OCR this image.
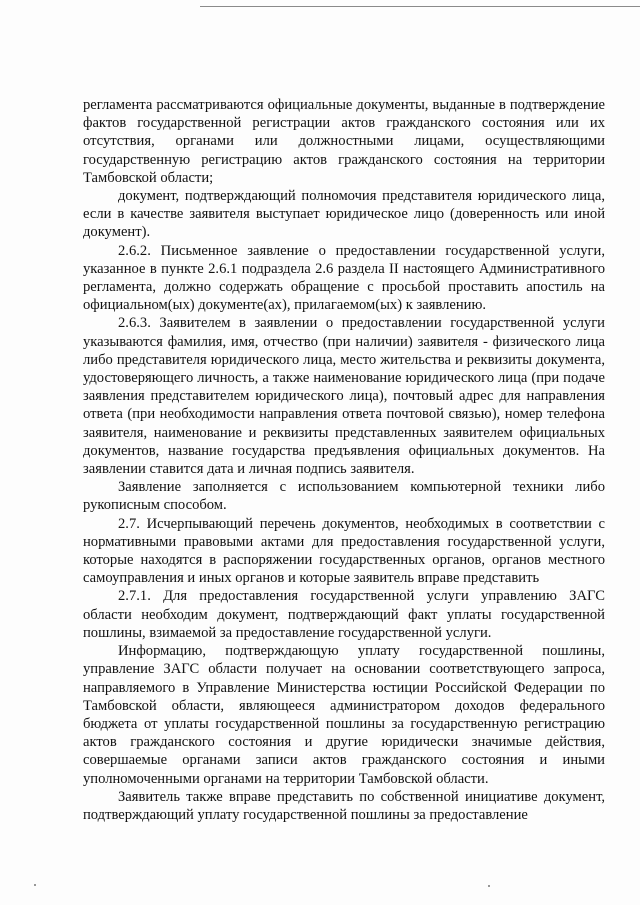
регламента рассматриваются официальные документы, выданные в подтверждение фактов государственной регистрации актов гражданского состояния или их отсутствия, органами или должностными лицами, осуществляющими государственную регистрацию актов гражданского состояния на территории Тамбовской области;

документ, подтверждающий полномочия представителя юридического лица, если в качестве заявителя выступает юридическое лицо (доверенность или иной документ).

2.6.2. Письменное заявление о предоставлении государственной услуги, указанное в пункте 2.6.1 подраздела 2.6 раздела II настоящего Административного регламента, должно содержать обращение с просьбой проставить апостиль на официальном(ых) документе(ах), прилагаемом(ых) к заявлению.

2.6.3. Заявителем в заявлении о предоставлении государственной услуги указываются фамилия, имя, отчество (при наличии) заявителя - физического лица либо представителя юридического лица, место жительства и реквизиты документа, удостоверяющего личность, а также наименование юридического лица (при подаче заявления представителем юридического лица), почтовый адрес для направления ответа (при необходимости направления ответа почтовой связью), номер телефона заявителя, наименование и реквизиты представленных заявителем официальных документов, название государства предъявления официальных документов. На заявлении ставится дата и личная подпись заявителя.

Заявление заполняется с использованием компьютерной техники либо рукописным способом.

2.7. Исчерпывающий перечень документов, необходимых в соответствии с нормативными правовыми актами для предоставления государственной услуги, которые находятся в распоряжении государственных органов, органов местного самоуправления и иных органов и которые заявитель вправе представить

2.7.1. Для предоставления государственной услуги управлению ЗАГС области необходим документ, подтверждающий факт уплаты государственной пошлины, взимаемой за предоставление государственной услуги.

Информацию, подтверждающую уплату государственной пошлины, управление ЗАГС области получает на основании соответствующего запроса, направляемого в Управление Министерства юстиции Российской Федерации по Тамбовской области, являющееся администратором доходов федерального бюджета от уплаты государственной пошлины за государственную регистрацию актов гражданского состояния и другие юридически значимые действия, совершаемые органами записи актов гражданского состояния и иными уполномоченными органами на территории Тамбовской области.

Заявитель также вправе представить по собственной инициативе документ, подтверждающий уплату государственной пошлины за предоставление
